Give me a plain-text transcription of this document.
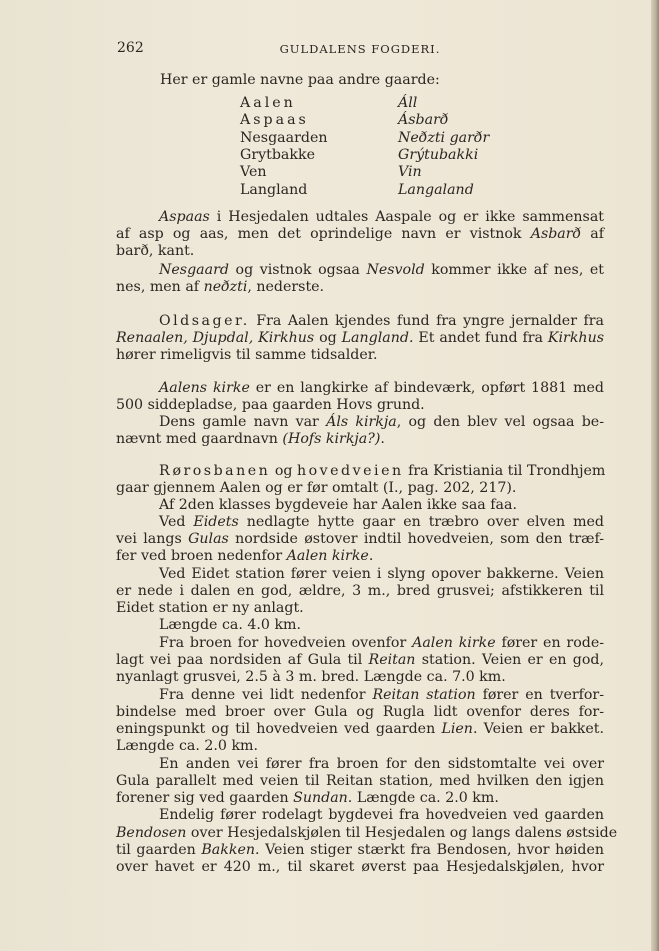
262	GULDALENS FOGDERI.
Her er gamle navne paa andre gaarde:
Aalen	Áll
Aspaas	Ásbarð
Nesgaarden	Neðzti garðr
Grytbakke	Grýtubakki
Ven	Vin
Langland	Langaland
Aspaas i Hesjedalen udtales Aaspale og er ikke sammensat
af asp og aas, men det oprindelige navn er vistnok Asbarð af
barð, kant.
Nesgaard og vistnok ogsaa Nesvold kommer ikke af nes, et
nes, men af neðzti, nederste.
Oldsager. Fra Aalen kjendes fund fra yngre jernalder fra
Renaalen, Djupdal, Kirkhus og Langland. Et andet fund fra Kirkhus
hører rimeligvis til samme tidsalder.
Aalens kirke er en langkirke af bindeværk, opført 1881 med
500 siddepladse, paa gaarden Hovs grund.
Dens gamle navn var Áls kirkja, og den blev vel ogsaa be-
nævnt med gaardnavn (Hofs kirkja?).
Rørosbanen og hovedveien fra Kristiania til Trondhjem
gaar gjennem Aalen og er før omtalt (I., pag. 202, 217).
Af 2den klasses bygdeveie har Aalen ikke saa faa.
Ved Eidets nedlagte hytte gaar en træbro over elven med
vei langs Gulas nordside østover indtil hovedveien, som den træf-
fer ved broen nedenfor Aalen kirke.
Ved Eidet station fører veien i slyng opover bakkerne. Veien
er nede i dalen en god, ældre, 3 m., bred grusvei; afstikkeren til
Eidet station er ny anlagt.
Længde ca. 4.0 km.
Fra broen for hovedveien ovenfor Aalen kirke fører en rode-
lagt vei paa nordsiden af Gula til Reitan station. Veien er en god,
nyanlagt grusvei, 2.5 à 3 m. bred. Længde ca. 7.0 km.
Fra denne vei lidt nedenfor Reitan station fører en tverfor-
bindelse med broer over Gula og Rugla lidt ovenfor deres for-
eningspunkt og til hovedveien ved gaarden Lien. Veien er bakket.
Længde ca. 2.0 km.
En anden vei fører fra broen for den sidstomtalte vei over
Gula parallelt med veien til Reitan station, med hvilken den igjen
forener sig ved gaarden Sundan. Længde ca. 2.0 km.
Endelig fører rodelagt bygdevei fra hovedveien ved gaarden
Bendosen over Hesjedalskjølen til Hesjedalen og langs dalens østside
til gaarden Bakken. Veien stiger stærkt fra Bendosen, hvor høiden
over havet er 420 m., til skaret øverst paa Hesjedalskjølen, hvor
